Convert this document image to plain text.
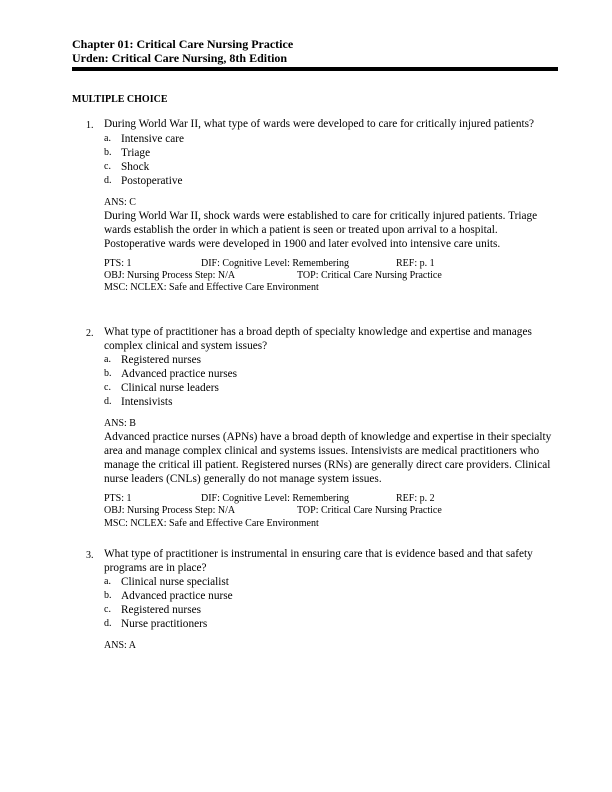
Chapter 01: Critical Care Nursing Practice
Urden: Critical Care Nursing, 8th Edition
MULTIPLE CHOICE
1. During World War II, what type of wards were developed to care for critically injured patients?
a. Intensive care
b. Triage
c. Shock
d. Postoperative
ANS: C
During World War II, shock wards were established to care for critically injured patients. Triage wards establish the order in which a patient is seen or treated upon arrival to a hospital. Postoperative wards were developed in 1900 and later evolved into intensive care units.
PTS: 1	DIF: Cognitive Level: Remembering	REF: p. 1
OBJ: Nursing Process Step: N/A	TOP: Critical Care Nursing Practice
MSC: NCLEX: Safe and Effective Care Environment
2. What type of practitioner has a broad depth of specialty knowledge and expertise and manages complex clinical and system issues?
a. Registered nurses
b. Advanced practice nurses
c. Clinical nurse leaders
d. Intensivists
ANS: B
Advanced practice nurses (APNs) have a broad depth of knowledge and expertise in their specialty area and manage complex clinical and systems issues. Intensivists are medical practitioners who manage the critical ill patient. Registered nurses (RNs) are generally direct care providers. Clinical nurse leaders (CNLs) generally do not manage system issues.
PTS: 1	DIF: Cognitive Level: Remembering	REF: p. 2
OBJ: Nursing Process Step: N/A	TOP: Critical Care Nursing Practice
MSC: NCLEX: Safe and Effective Care Environment
3. What type of practitioner is instrumental in ensuring care that is evidence based and that safety programs are in place?
a. Clinical nurse specialist
b. Advanced practice nurse
c. Registered nurses
d. Nurse practitioners
ANS: A
